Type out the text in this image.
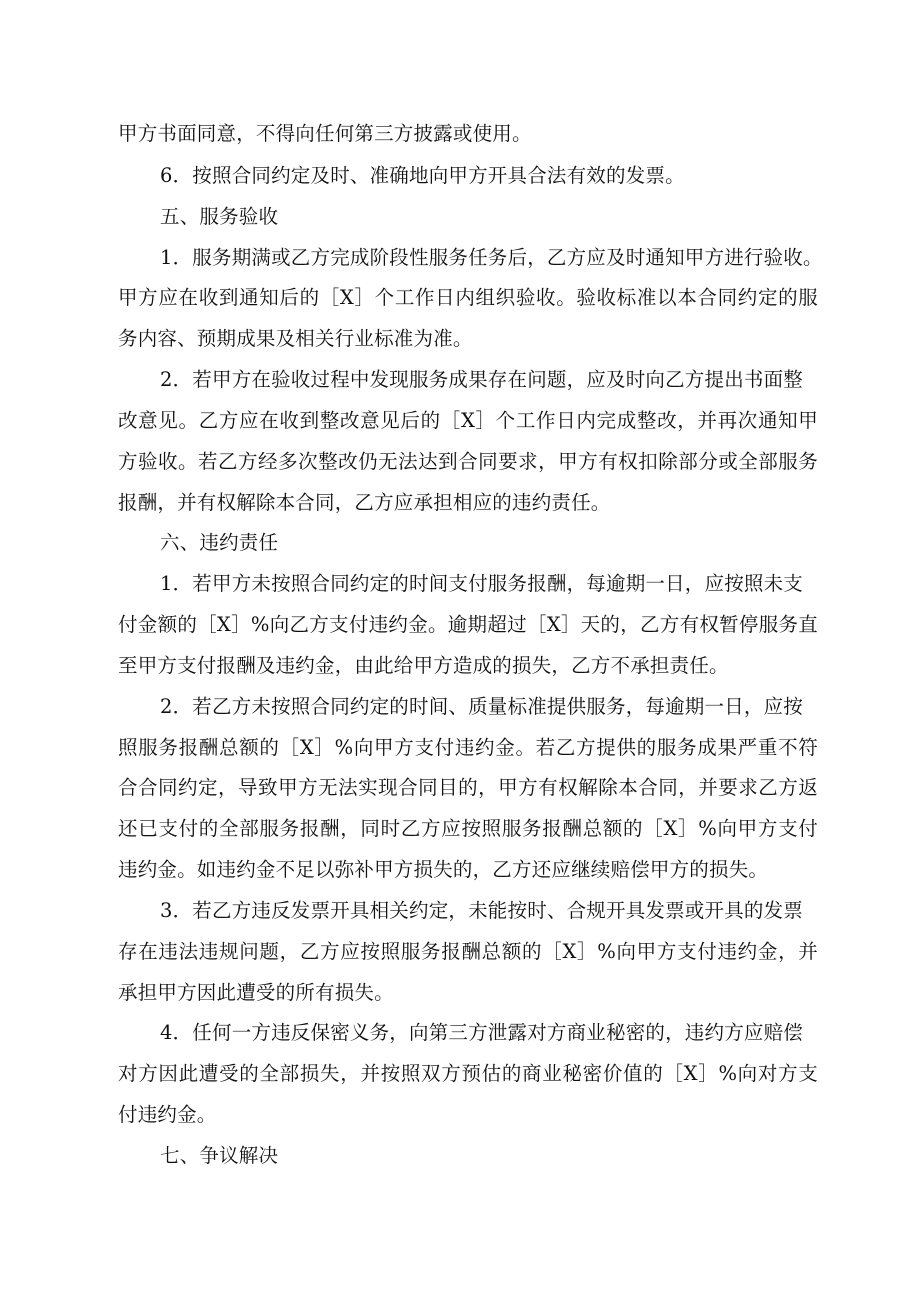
甲方书面同意，不得向任何第三方披露或使用。
6．按照合同约定及时、准确地向甲方开具合法有效的发票。
五、服务验收
1．服务期满或乙方完成阶段性服务任务后，乙方应及时通知甲方进行验收。
甲方应在收到通知后的［X］个工作日内组织验收。验收标准以本合同约定的服
务内容、预期成果及相关行业标准为准。
2．若甲方在验收过程中发现服务成果存在问题，应及时向乙方提出书面整
改意见。乙方应在收到整改意见后的［X］个工作日内完成整改，并再次通知甲
方验收。若乙方经多次整改仍无法达到合同要求，甲方有权扣除部分或全部服务
报酬，并有权解除本合同，乙方应承担相应的违约责任。
六、违约责任
1．若甲方未按照合同约定的时间支付服务报酬，每逾期一日，应按照未支
付金额的［X］%向乙方支付违约金。逾期超过［X］天的，乙方有权暂停服务直
至甲方支付报酬及违约金，由此给甲方造成的损失，乙方不承担责任。
2．若乙方未按照合同约定的时间、质量标准提供服务，每逾期一日，应按
照服务报酬总额的［X］%向甲方支付违约金。若乙方提供的服务成果严重不符
合合同约定，导致甲方无法实现合同目的，甲方有权解除本合同，并要求乙方返
还已支付的全部服务报酬，同时乙方应按照服务报酬总额的［X］%向甲方支付
违约金。如违约金不足以弥补甲方损失的，乙方还应继续赔偿甲方的损失。
3．若乙方违反发票开具相关约定，未能按时、合规开具发票或开具的发票
存在违法违规问题，乙方应按照服务报酬总额的［X］%向甲方支付违约金，并
承担甲方因此遭受的所有损失。
4．任何一方违反保密义务，向第三方泄露对方商业秘密的，违约方应赔偿
对方因此遭受的全部损失，并按照双方预估的商业秘密价值的［X］%向对方支
付违约金。
七、争议解决
